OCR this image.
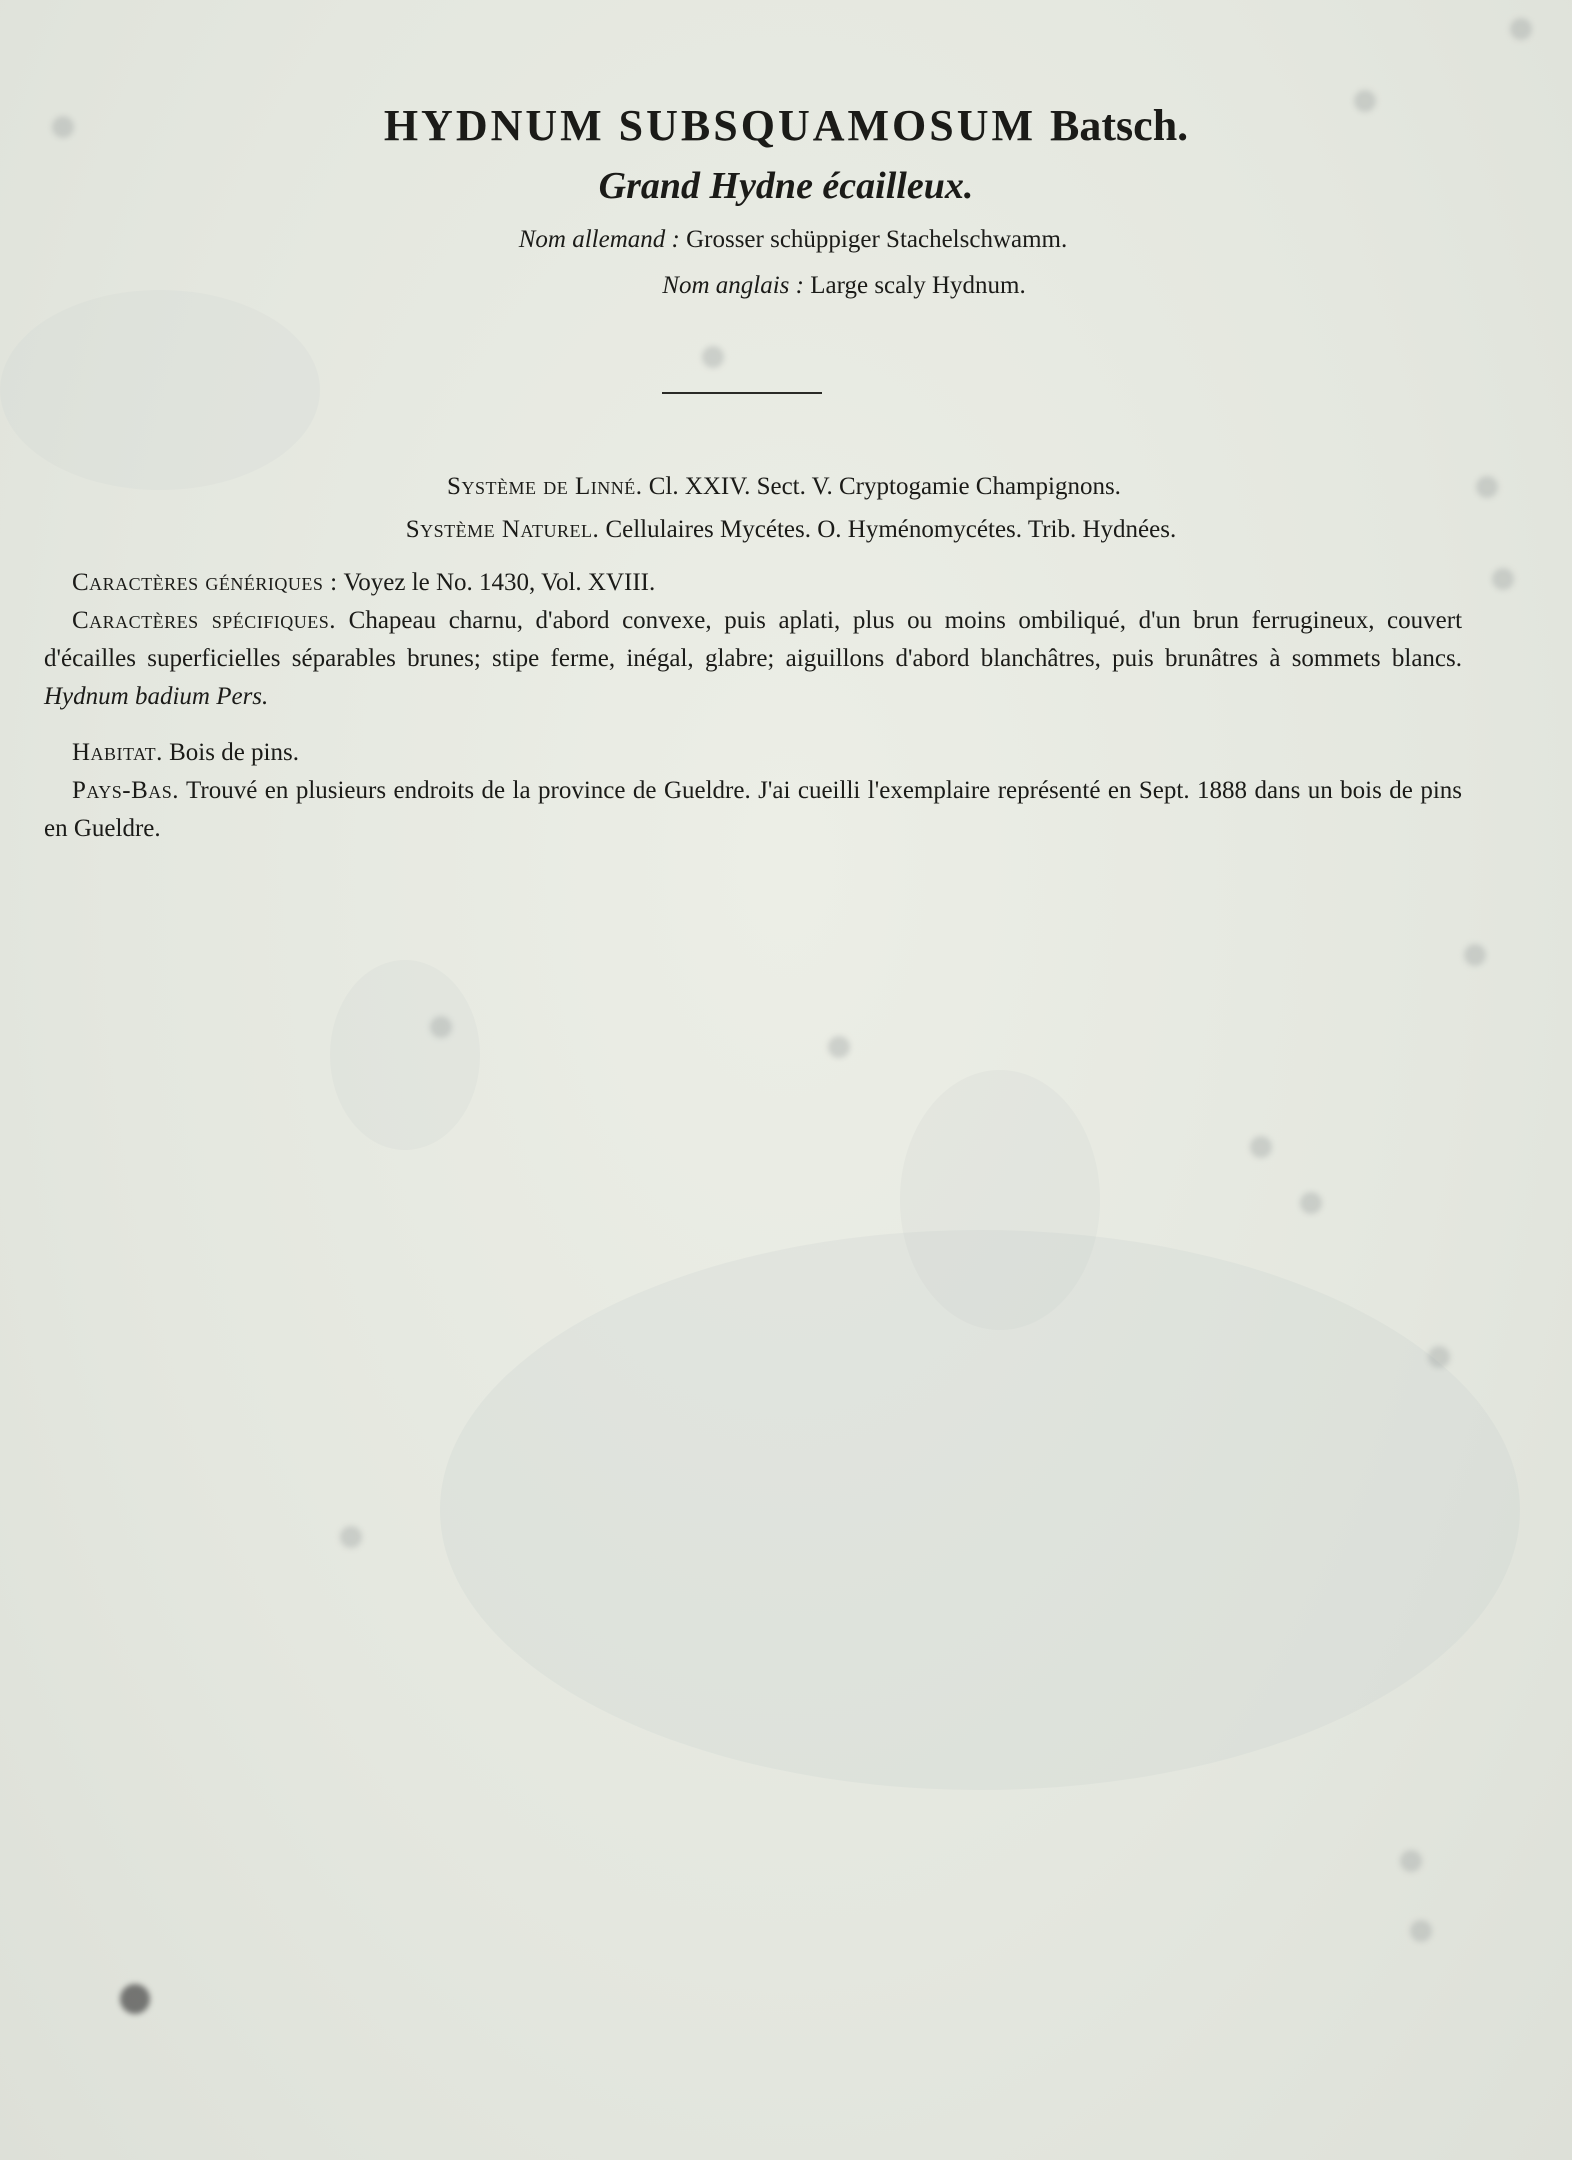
HYDNUM SUBSQUAMOSUM Batsch.
Grand Hydne écailleux.
Nom allemand : Grosser schüppiger Stachelschwamm.
Nom anglais : Large scaly Hydnum.
Système de Linné. Cl. XXIV. Sect. V. Cryptogamie Champignons.
Système Naturel. Cellulaires Mycétes. O. Hyménomycétes. Trib. Hydnées.

Caractères génériques : Voyez le No. 1430, Vol. XVIII.

Caractères spécifiques. Chapeau charnu, d'abord convexe, puis aplati, plus ou moins ombiliqué, d'un brun ferrugineux, couvert d'écailles superficielles séparables brunes; stipe ferme, inégal, glabre; aiguillons d'abord blanchâtres, puis brunâtres à sommets blancs. Hydnum badium Pers.

Habitat. Bois de pins.

Pays-Bas. Trouvé en plusieurs endroits de la province de Gueldre. J'ai cueilli l'exemplaire représenté en Sept. 1888 dans un bois de pins en Gueldre.
